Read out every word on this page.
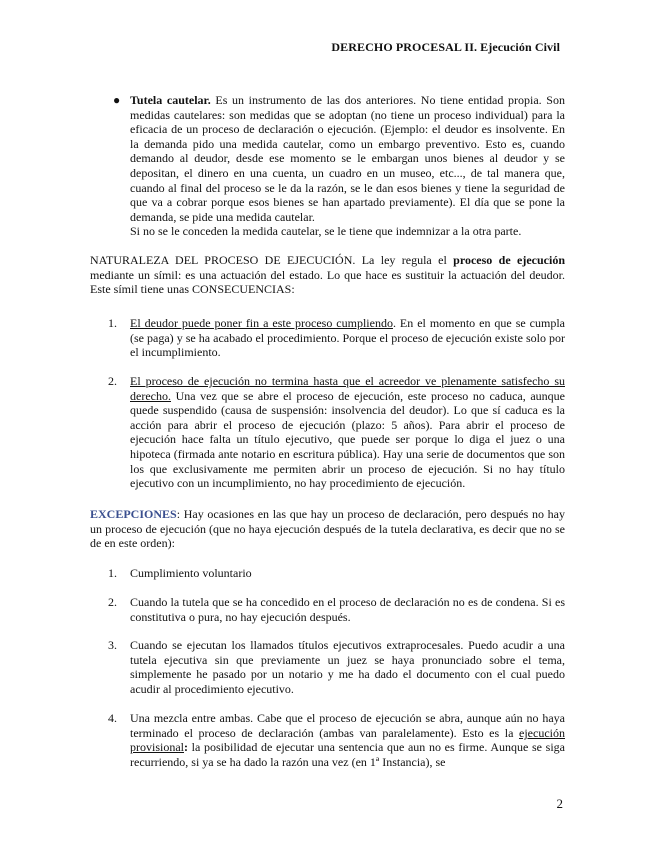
DERECHO PROCESAL II. Ejecución Civil
● Tutela cautelar. Es un instrumento de las dos anteriores. No tiene entidad propia. Son medidas cautelares: son medidas que se adoptan (no tiene un proceso individual) para la eficacia de un proceso de declaración o ejecución. (Ejemplo: el deudor es insolvente. En la demanda pido una medida cautelar, como un embargo preventivo. Esto es, cuando demando al deudor, desde ese momento se le embargan unos bienes al deudor y se depositan, el dinero en una cuenta, un cuadro en un museo, etc..., de tal manera que, cuando al final del proceso se le da la razón, se le dan esos bienes y tiene la seguridad de que va a cobrar porque esos bienes se han apartado previamente). El día que se pone la demanda, se pide una medida cautelar.
Si no se le conceden la medida cautelar, se le tiene que indemnizar a la otra parte.
NATURALEZA DEL PROCESO DE EJECUCIÓN. La ley regula el proceso de ejecución mediante un símil: es una actuación del estado. Lo que hace es sustituir la actuación del deudor. Este símil tiene unas CONSECUENCIAS:
1. El deudor puede poner fin a este proceso cumpliendo. En el momento en que se cumpla (se paga) y se ha acabado el procedimiento. Porque el proceso de ejecución existe solo por el incumplimiento.
2. El proceso de ejecución no termina hasta que el acreedor ve plenamente satisfecho su derecho. Una vez que se abre el proceso de ejecución, este proceso no caduca, aunque quede suspendido (causa de suspensión: insolvencia del deudor). Lo que sí caduca es la acción para abrir el proceso de ejecución (plazo: 5 años). Para abrir el proceso de ejecución hace falta un título ejecutivo, que puede ser porque lo diga el juez o una hipoteca (firmada ante notario en escritura pública). Hay una serie de documentos que son los que exclusivamente me permiten abrir un proceso de ejecución. Si no hay título ejecutivo con un incumplimiento, no hay procedimiento de ejecución.
EXCEPCIONES: Hay ocasiones en las que hay un proceso de declaración, pero después no hay un proceso de ejecución (que no haya ejecución después de la tutela declarativa, es decir que no se de en este orden):
1. Cumplimiento voluntario
2. Cuando la tutela que se ha concedido en el proceso de declaración no es de condena. Si es constitutiva o pura, no hay ejecución después.
3. Cuando se ejecutan los llamados títulos ejecutivos extraprocesales. Puedo acudir a una tutela ejecutiva sin que previamente un juez se haya pronunciado sobre el tema, simplemente he pasado por un notario y me ha dado el documento con el cual puedo acudir al procedimiento ejecutivo.
4. Una mezcla entre ambas. Cabe que el proceso de ejecución se abra, aunque aún no haya terminado el proceso de declaración (ambas van paralelamente). Esto es la ejecución provisional: la posibilidad de ejecutar una sentencia que aun no es firme. Aunque se siga recurriendo, si ya se ha dado la razón una vez (en 1ª Instancia), se
2
